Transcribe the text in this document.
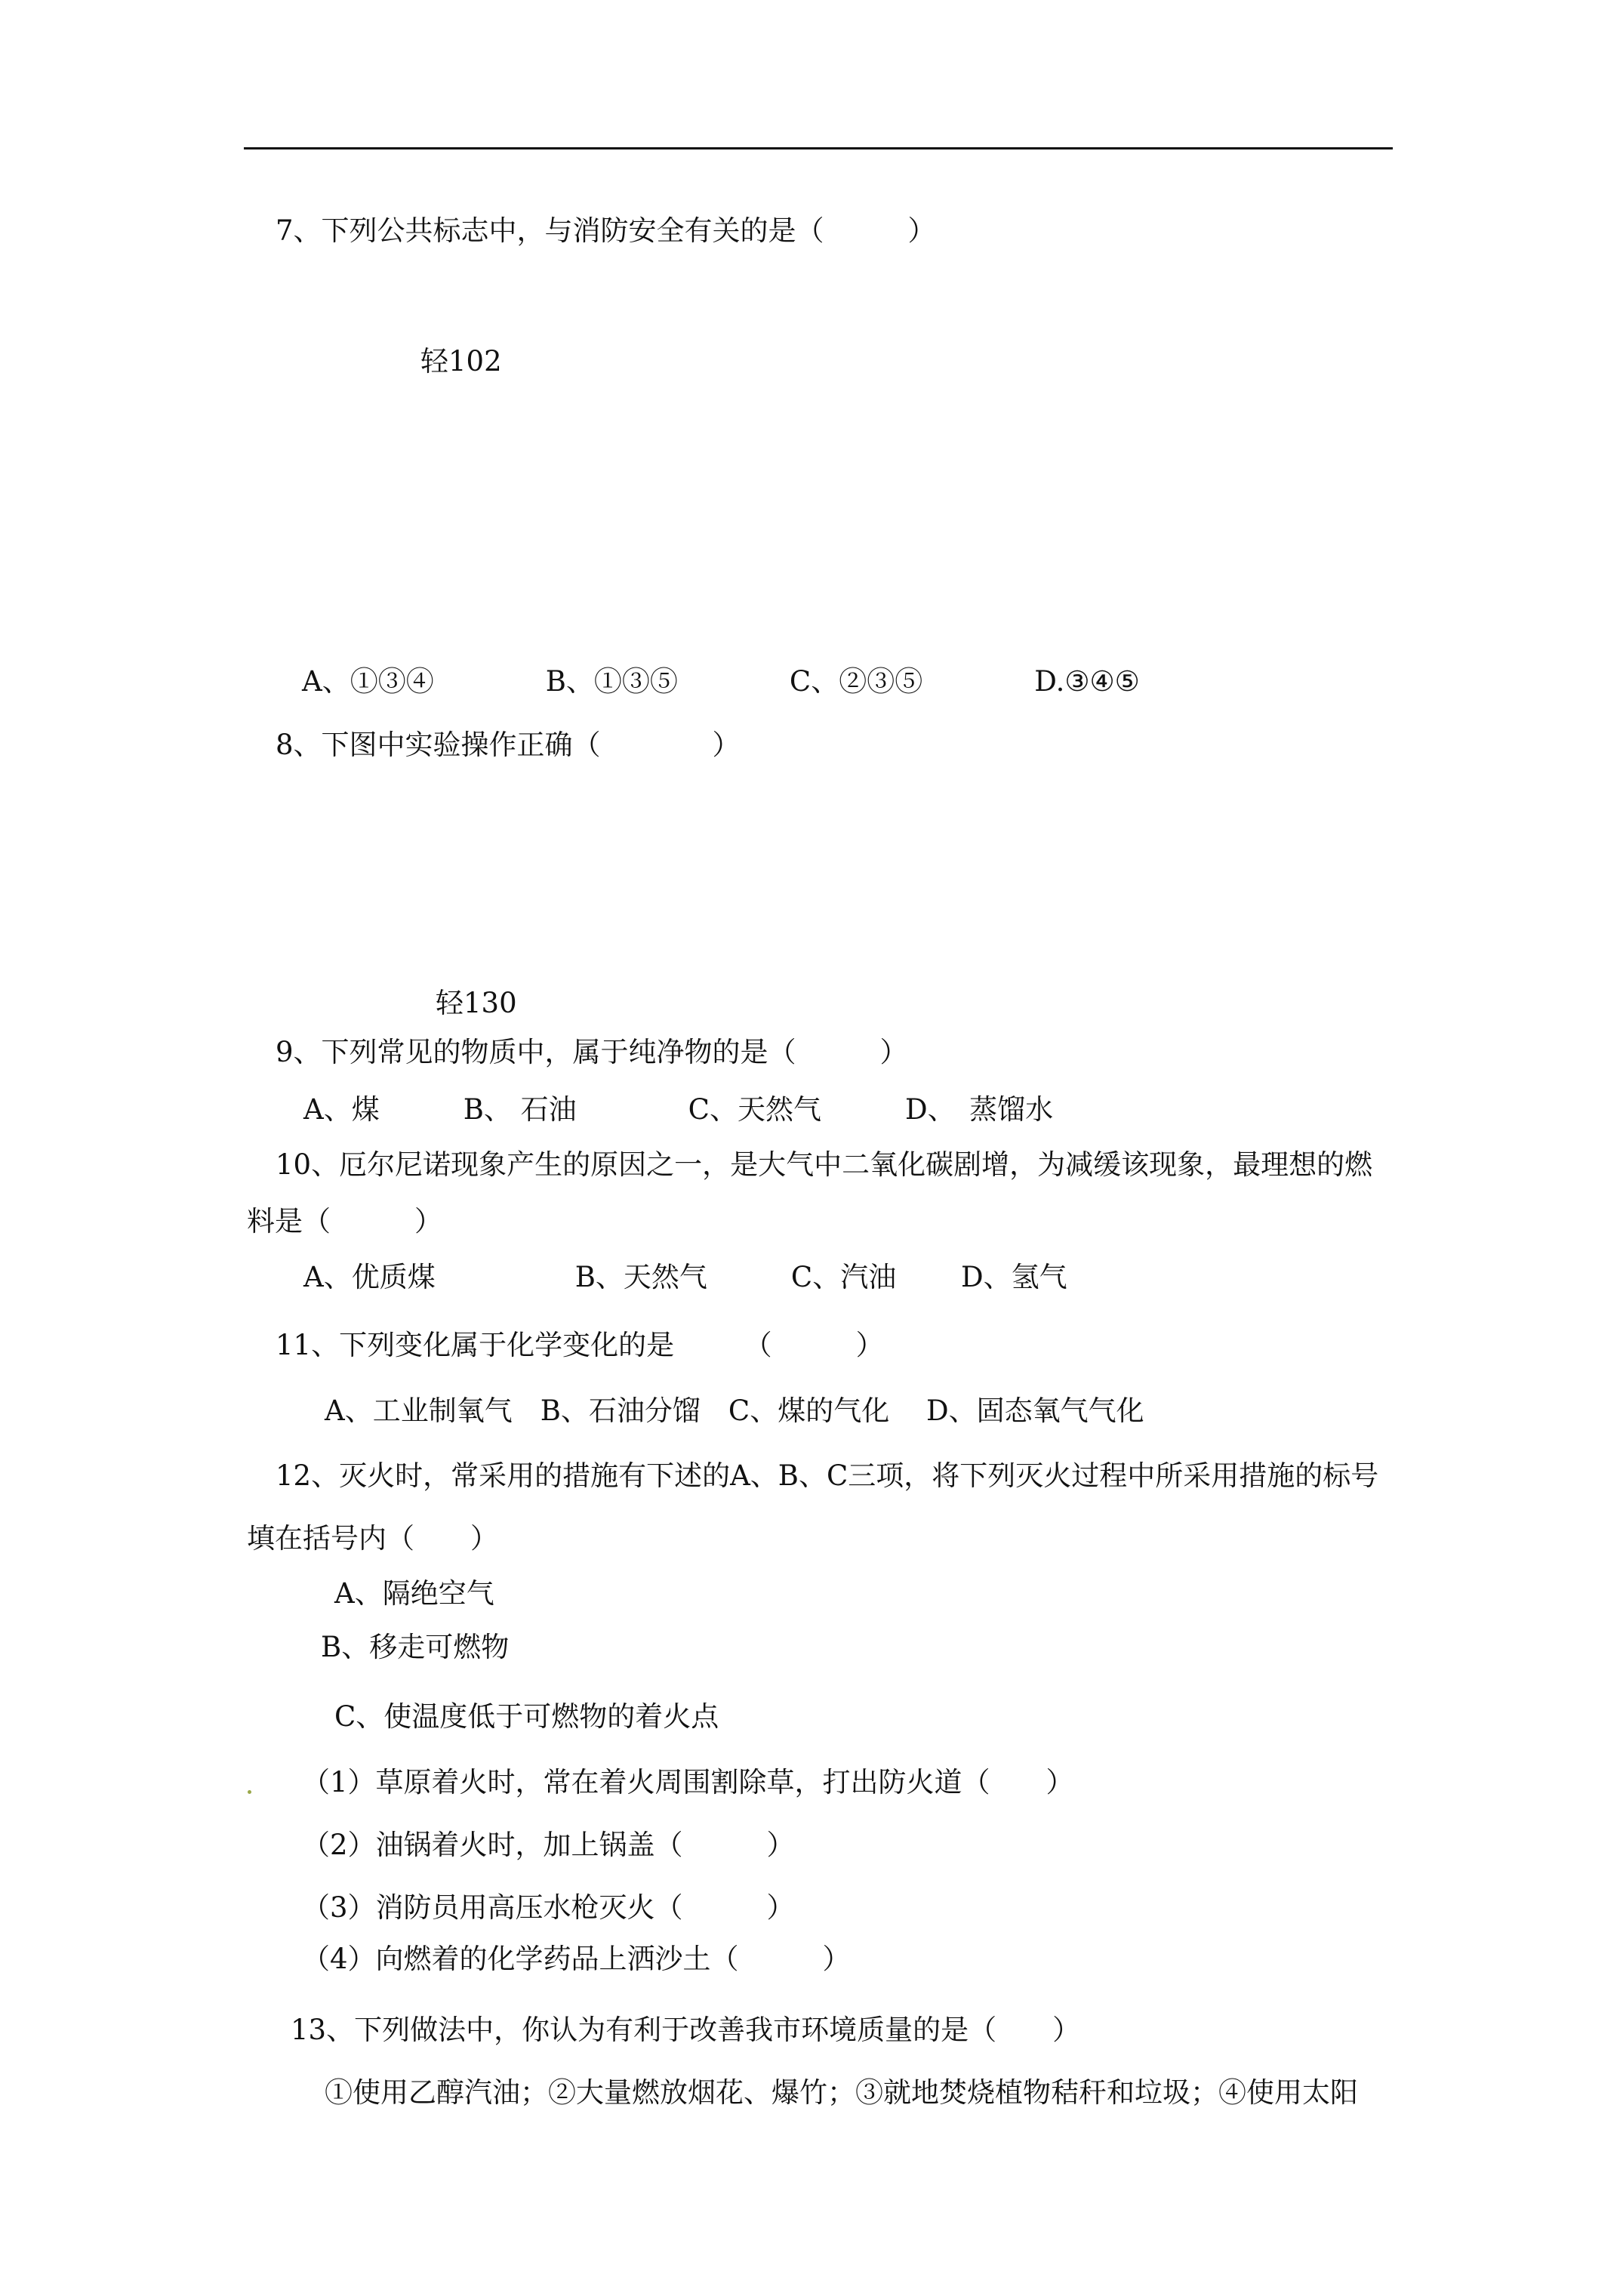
7、下列公共标志中，与消防安全有关的是（　　　）
轻102
A、①③④　　　　B、①③⑤　　　　C、②③⑤　　　　D.③④⑤
8、下图中实验操作正确（　　　　）
轻130
9、下列常见的物质中，属于纯净物的是（　　　）
A、煤　　　B、 石油　　　　C、天然气　　　D、　蒸馏水
10、厄尔尼诺现象产生的原因之一，是大气中二氧化碳剧增，为减缓该现象，最理想的燃
料是（　　　）
A、优质煤　　　　　B、天然气　　　C、汽油　　 D、氢气
11、下列变化属于化学变化的是　　　（　　　）
A、工业制氧气　B、石油分馏　C、煤的气化　 D、固态氧气气化
12、灭火时，常采用的措施有下述的A、B、C三项，将下列灭火过程中所采用措施的标号
填在括号内（　　）
A、隔绝空气
B、移走可燃物
C、使温度低于可燃物的着火点
（1）草原着火时，常在着火周围割除草，打出防火道（　　）
（2）油锅着火时，加上锅盖（　　　）
（3）消防员用高压水枪灭火（　　　）
（4）向燃着的化学药品上洒沙土（　　　）
13、下列做法中，你认为有利于改善我市环境质量的是（　　）
①使用乙醇汽油；②大量燃放烟花、爆竹；③就地焚烧植物秸秆和垃圾；④使用太阳
